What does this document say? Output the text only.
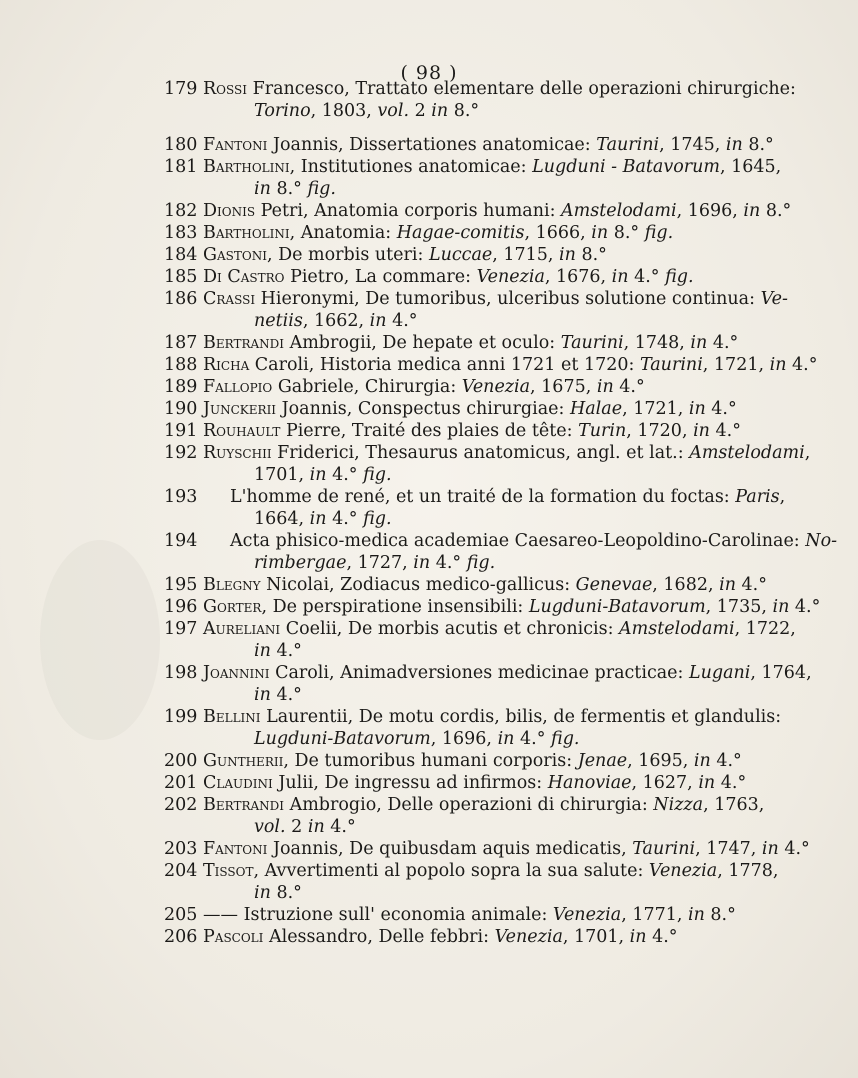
( 98 )
179 Rossi Francesco, Trattato elementare delle operazioni chirurgiche:
Torino, 1803, vol. 2 in 8.°
180 Fantoni Joannis, Dissertationes anatomicae: Taurini, 1745, in 8.°
181 Bartholini, Institutiones anatomicae: Lugduni - Batavorum, 1645,
in 8.° fig.
182 Dionis Petri, Anatomia corporis humani: Amstelodami, 1696, in 8.°
183 Bartholini, Anatomia: Hagae-comitis, 1666, in 8.° fig.
184 Gastoni, De morbis uteri: Luccae, 1715, in 8.°
185 Di Castro Pietro, La commare: Venezia, 1676, in 4.° fig.
186 Crassi Hieronymi, De tumoribus, ulceribus solutione continua: Ve-
netiis, 1662, in 4.°
187 Bertrandi Ambrogii, De hepate et oculo: Taurini, 1748, in 4.°
188 Richa Caroli, Historia medica anni 1721 et 1720: Taurini, 1721, in 4.°
189 Fallopio Gabriele, Chirurgia: Venezia, 1675, in 4.°
190 Junckerii Joannis, Conspectus chirurgiae: Halae, 1721, in 4.°
191 Rouhault Pierre, Traité des plaies de tête: Turin, 1720, in 4.°
192 Ruyschii Friderici, Thesaurus anatomicus, angl. et lat.: Amstelodami,
1701, in 4.° fig.
193	L'homme de rené, et un traité de la formation du foctas: Paris,
1664, in 4.° fig.
194	Acta phisico-medica academiae Caesareo-Leopoldino-Carolinae: No-
rimbergae, 1727, in 4.° fig.
195 Blegny Nicolai, Zodiacus medico-gallicus: Genevae, 1682, in 4.°
196 Gorter, De perspiratione insensibili: Lugduni-Batavorum, 1735, in 4.°
197 Aureliani Coelii, De morbis acutis et chronicis: Amstelodami, 1722,
in 4.°
198 Joannini Caroli, Animadversiones medicinae practicae: Lugani, 1764,
in 4.°
199 Bellini Laurentii, De motu cordis, bilis, de fermentis et glandulis:
Lugduni-Batavorum, 1696, in 4.° fig.
200 Guntherii, De tumoribus humani corporis: Jenae, 1695, in 4.°
201 Claudini Julii, De ingressu ad infirmos: Hanoviae, 1627, in 4.°
202 Bertrandi Ambrogio, Delle operazioni di chirurgia: Nizza, 1763,
vol. 2 in 4.°
203 Fantoni Joannis, De quibusdam aquis medicatis, Taurini, 1747, in 4.°
204 Tissot, Avvertimenti al popolo sopra la sua salute: Venezia, 1778,
in 8.°
205 —— Istruzione sull' economia animale: Venezia, 1771, in 8.°
206 Pascoli Alessandro, Delle febbri: Venezia, 1701, in 4.°
